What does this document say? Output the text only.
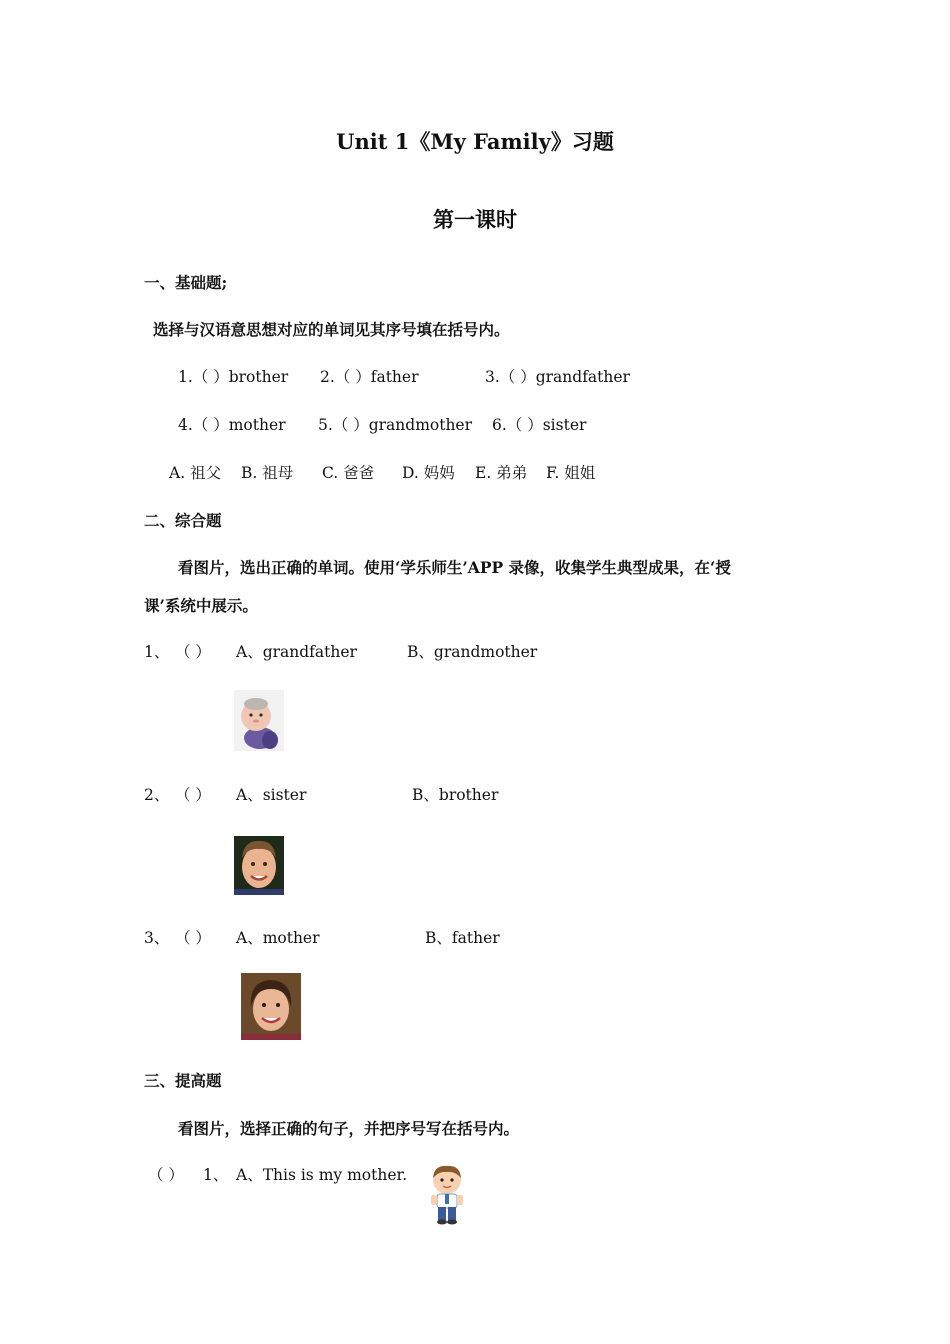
Unit 1《My Family》习题
第一课时
一、基础题;
选择与汉语意思想对应的单词见其序号填在括号内。
1.（ ）brother 2.（ ）father	3.（ ）grandfather
4.（ ）mother 5.（ ）grandmother 6.（ ）sister
A. 祖父 B. 祖母 C. 爸爸 D. 妈妈 E. 弟弟 F. 姐姐
二、综合题
看图片，选出正确的单词。使用‘学乐师生’APP 录像，收集学生典型成果，在‘授
课’系统中展示。
1、 （ ） A、grandfather	B、grandmother
2、 （ ） A、sister	B、brother
3、 （ ） A、mother	B、father
三、提高题
看图片，选择正确的句子，并把序号写在括号内。
（ ） 1、 A、This is my mother.
